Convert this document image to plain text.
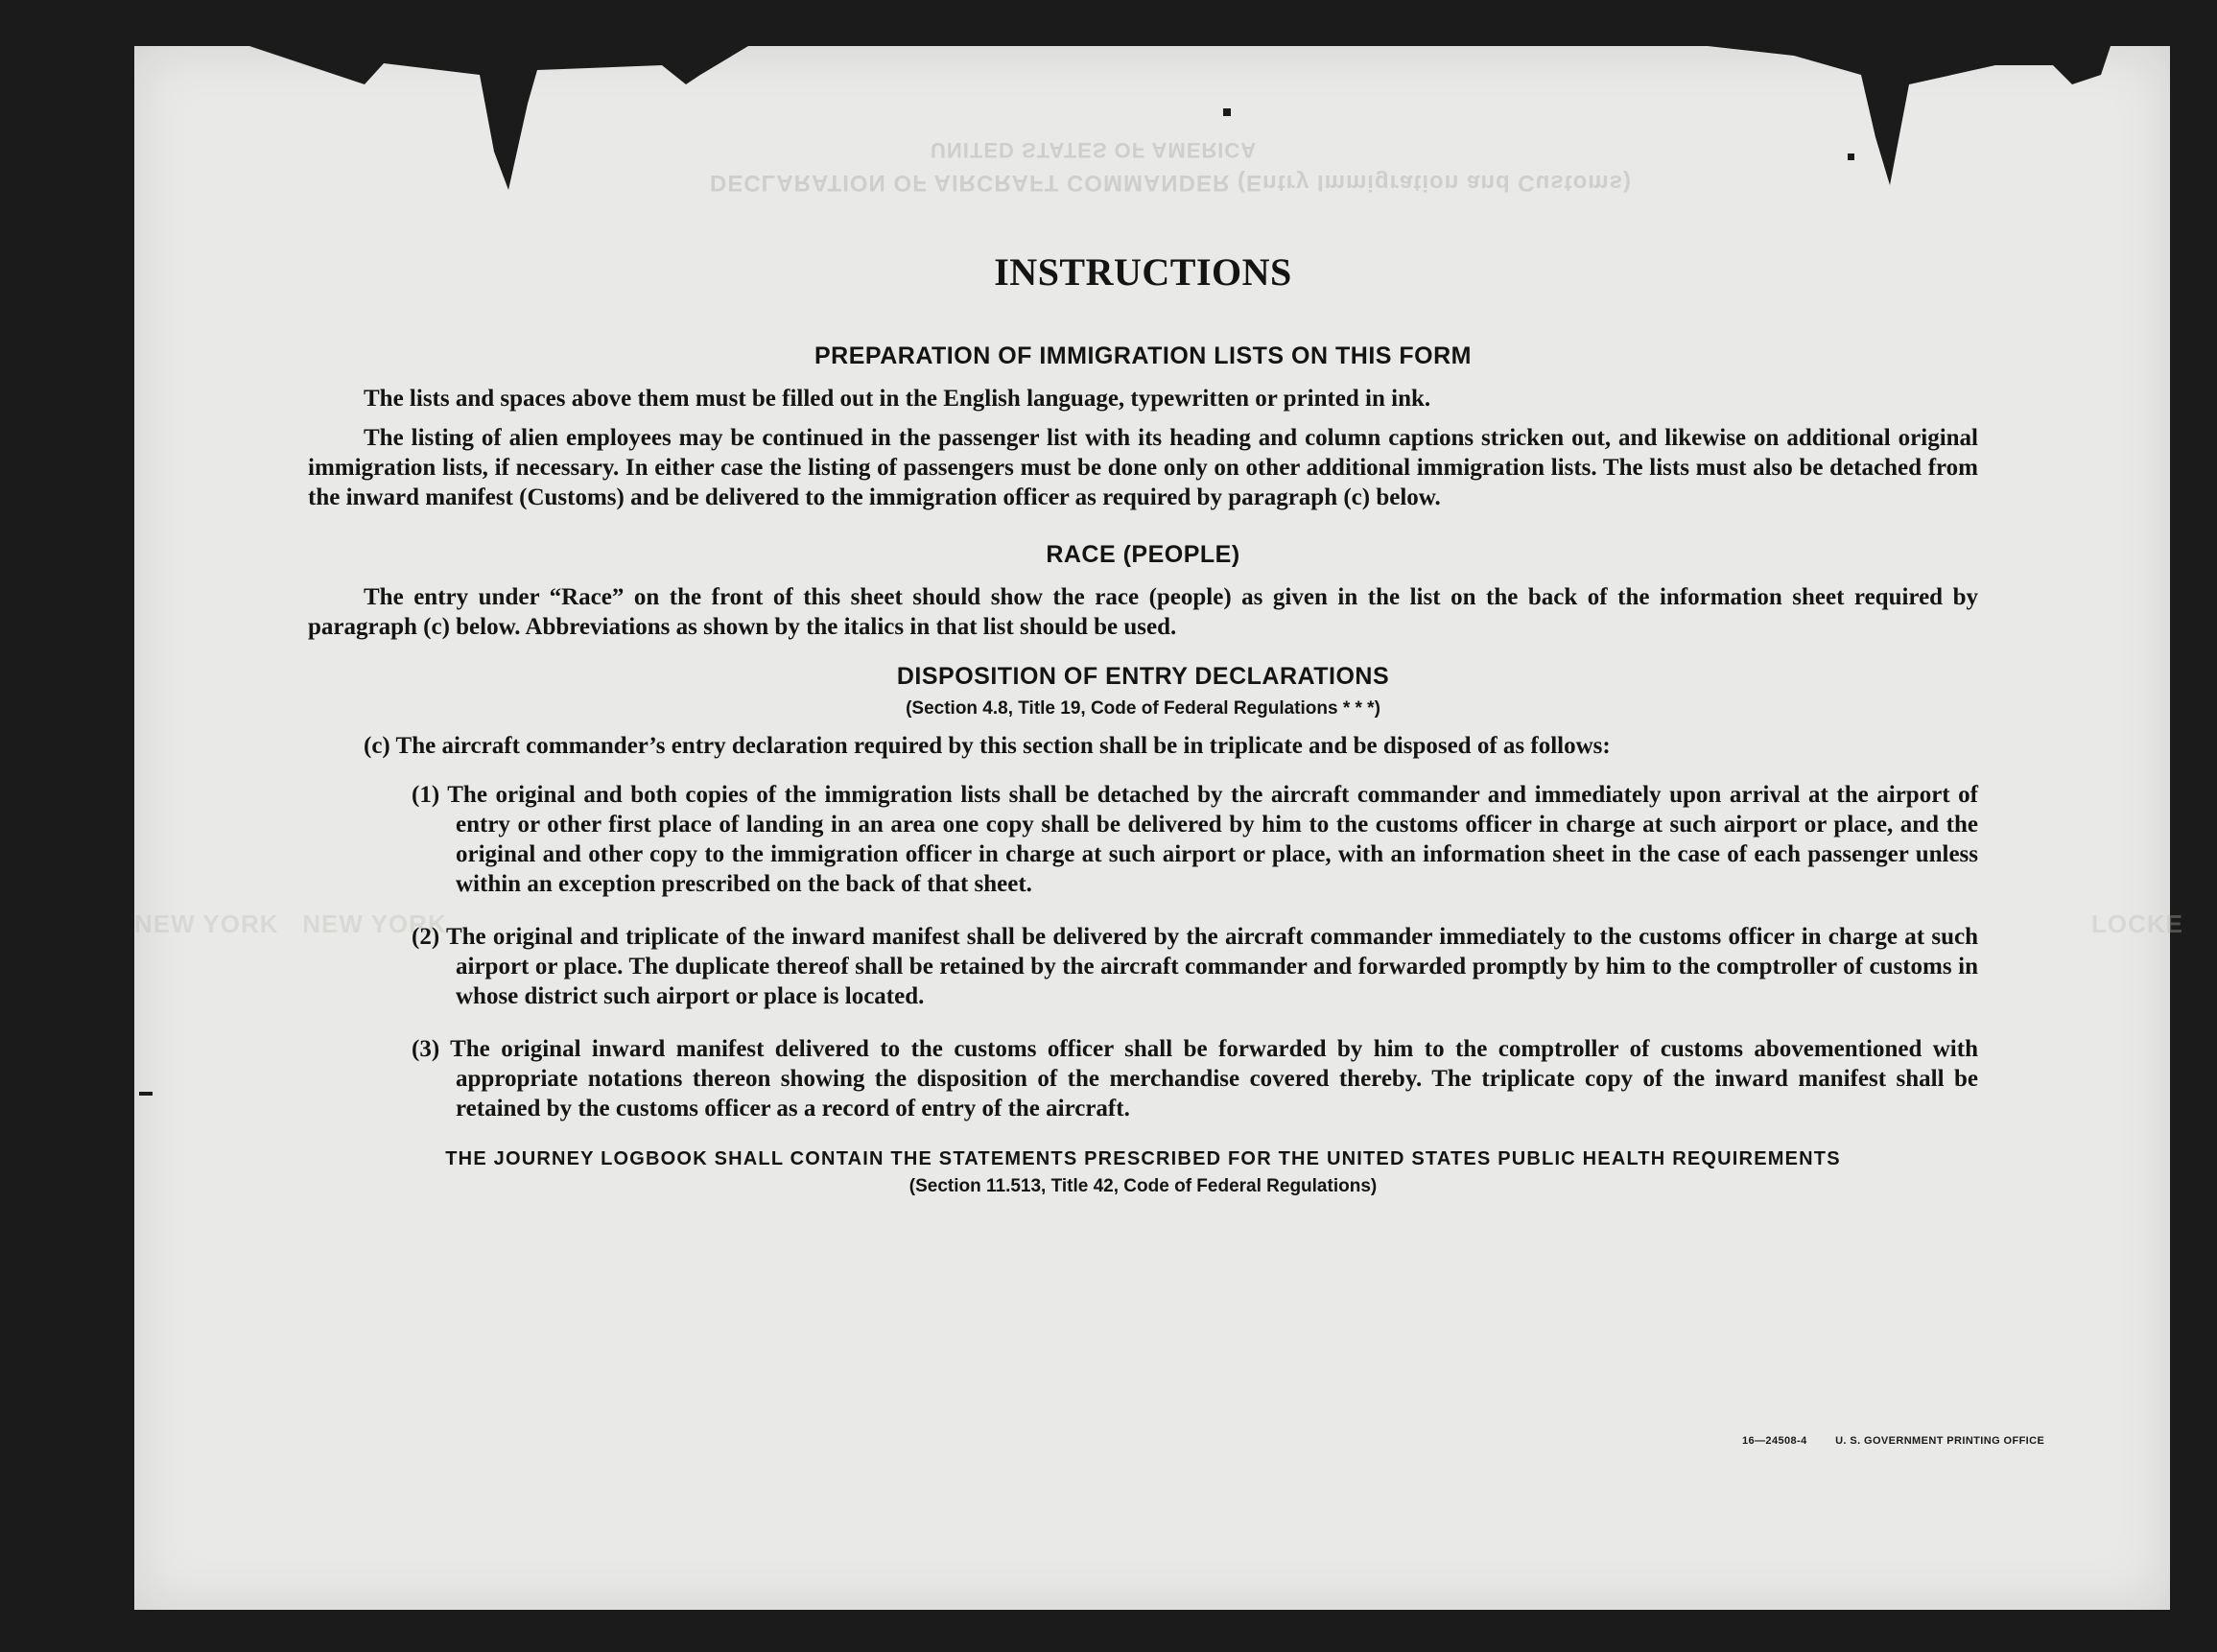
UNITED STATES OF AMERICA
DECLARATION OF AIRCRAFT COMMANDER (Entry Immigration and Customs)
NEW YORK   NEW YORK	LOCKE
INSTRUCTIONS
PREPARATION OF IMMIGRATION LISTS ON THIS FORM

The lists and spaces above them must be filled out in the English language, typewritten or printed in ink.

The listing of alien employees may be continued in the passenger list with its heading and column captions stricken out, and likewise on additional original immigration lists, if necessary. In either case the listing of passengers must be done only on other additional immigration lists. The lists must also be detached from the inward manifest (Customs) and be delivered to the immigration officer as required by paragraph (c) below.

RACE (PEOPLE)

The entry under “Race” on the front of this sheet should show the race (people) as given in the list on the back of the information sheet required by paragraph (c) below. Abbreviations as shown by the italics in that list should be used.

DISPOSITION OF ENTRY DECLARATIONS
(Section 4.8, Title 19, Code of Federal Regulations * * *)

(c) The aircraft commander’s entry declaration required by this section shall be in triplicate and be disposed of as follows:

(1) The original and both copies of the immigration lists shall be detached by the aircraft commander and immediately upon arrival at the airport of entry or other first place of landing in an area one copy shall be delivered by him to the customs officer in charge at such airport or place, and the original and other copy to the immigration officer in charge at such airport or place, with an information sheet in the case of each passenger unless within an exception prescribed on the back of that sheet.

(2) The original and triplicate of the inward manifest shall be delivered by the aircraft commander immediately to the customs officer in charge at such airport or place. The duplicate thereof shall be retained by the aircraft commander and forwarded promptly by him to the comptroller of customs in whose district such airport or place is located.

(3) The original inward manifest delivered to the customs officer shall be forwarded by him to the comptroller of customs abovementioned with appropriate notations thereon showing the disposition of the merchandise covered thereby. The triplicate copy of the inward manifest shall be retained by the customs officer as a record of entry of the aircraft.

THE JOURNEY LOGBOOK SHALL CONTAIN THE STATEMENTS PRESCRIBED FOR THE UNITED STATES PUBLIC HEALTH REQUIREMENTS
(Section 11.513, Title 42, Code of Federal Regulations)
16—24508-4	U. S. GOVERNMENT PRINTING OFFICE
